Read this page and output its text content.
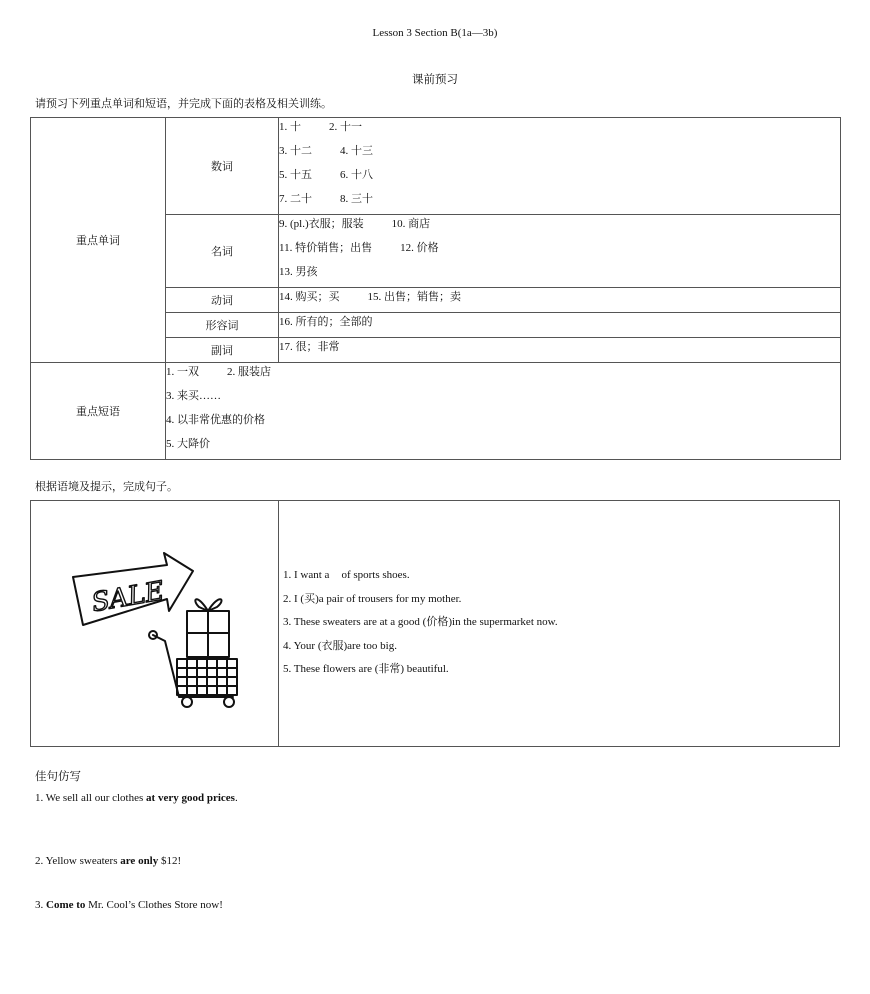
Lesson 3 Section B(1a—3b)
课前预习
请预习下列重点单词和短语，并完成下面的表格及相关训练。
重点单词	数词	1. 十 2. 十一
3. 十二 4. 十三
5. 十五 6. 十八
7. 二十 8. 三十

	名词	9. (pl.)衣服；服装 10. 商店
11. 特价销售；出售 12. 价格
13. 男孩

	动词	14. 购买；买 15. 出售；销售；卖

	形容词	16. 所有的；全部的

	副词	17. 很；非常

重点短语	1. 一双 2. 服装店
3. 来买……
4. 以非常优惠的价格
5. 大降价	
根据语境及提示，完成句子。
SALE
1. I want a of sports shoes.
2. I (买)a pair of trousers for my mother.
3. These sweaters are at a good (价格)in the supermarket now.
4. Your (衣服)are too big.
5. These flowers are (非常) beautiful.
佳句仿写
1. We sell all our clothes at very good prices.
2. Yellow sweaters are only $12!
3. Come to Mr. Cool’s Clothes Store now!
